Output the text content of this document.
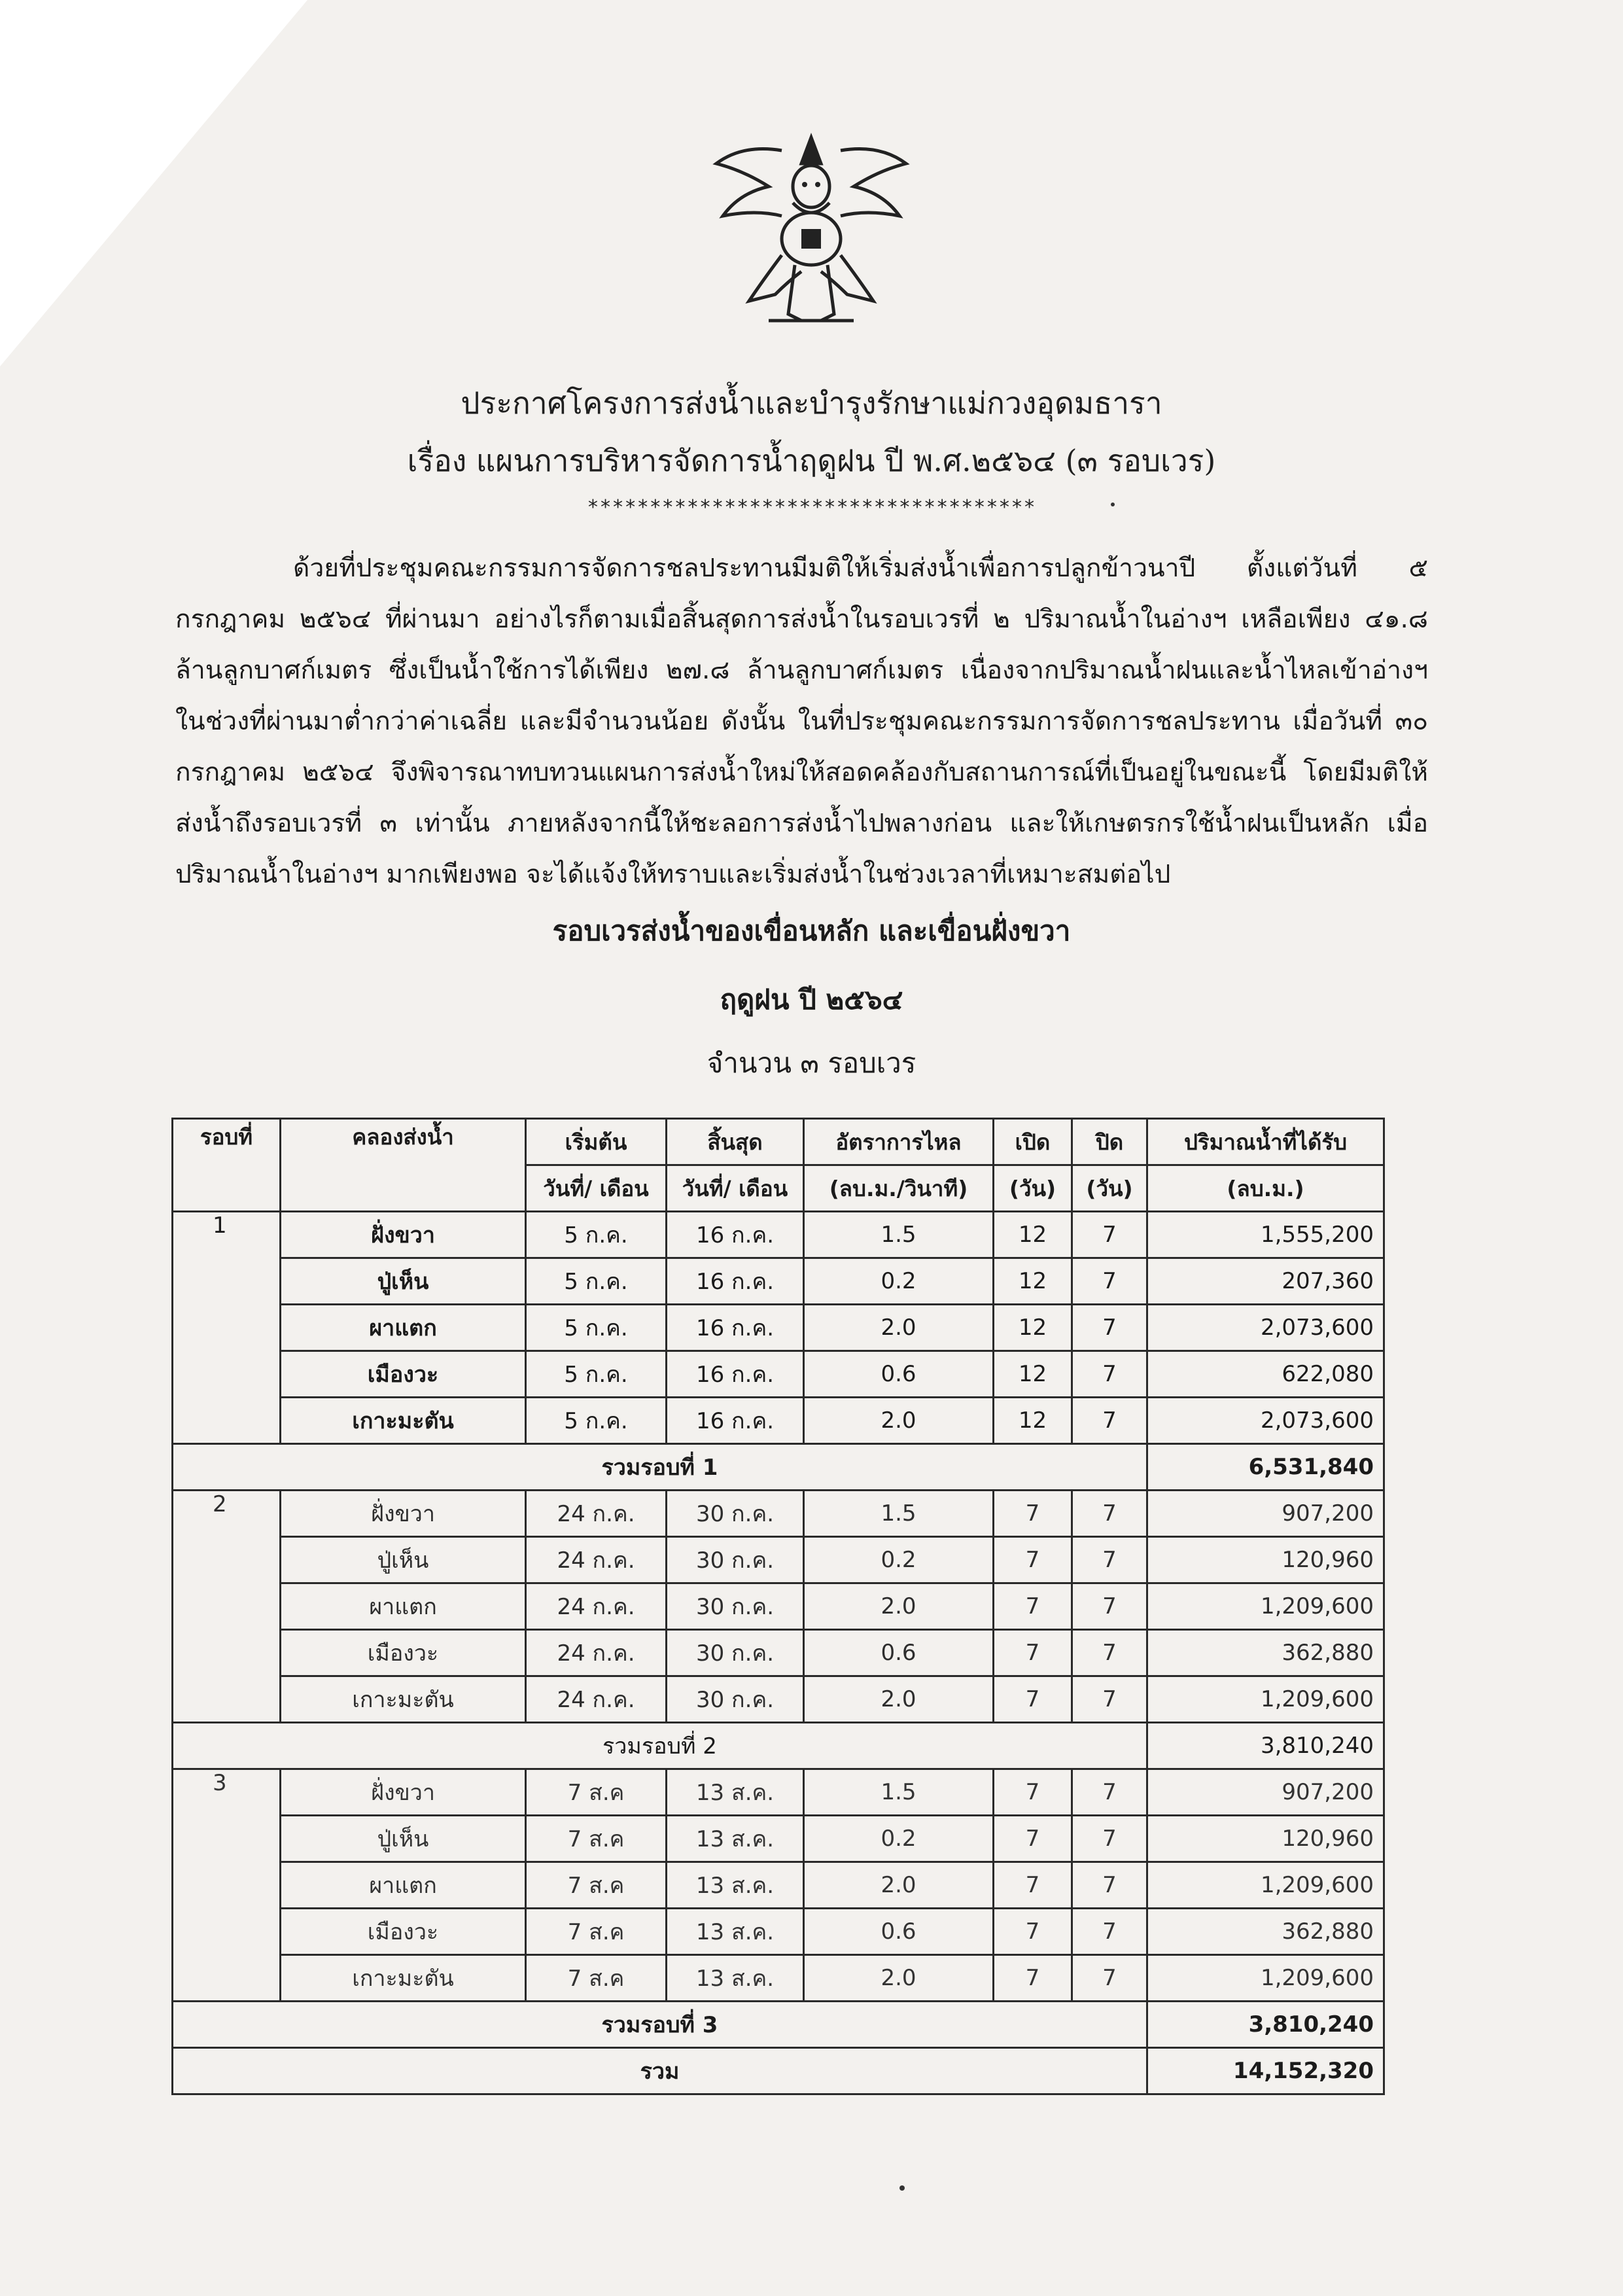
ประกาศโครงการส่งน้ำและบำรุงรักษาแม่กวงอุดมธารา
เรื่อง แผนการบริหารจัดการน้ำฤดูฝน ปี พ.ศ.๒๕๖๔ (๓ รอบเวร)
************************************
ด้วยที่ประชุมคณะกรรมการจัดการชลประทานมีมติให้เริ่มส่งน้ำเพื่อการปลูกข้าวนาปี ตั้งแต่วันที่ ๕ กรกฎาคม ๒๕๖๔ ที่ผ่านมา อย่างไรก็ตามเมื่อสิ้นสุดการส่งน้ำในรอบเวรที่ ๒ ปริมาณน้ำในอ่างฯ เหลือเพียง ๔๑.๘ ล้านลูกบาศก์เมตร ซึ่งเป็นน้ำใช้การได้เพียง ๒๗.๘ ล้านลูกบาศก์เมตร เนื่องจากปริมาณน้ำฝนและน้ำไหลเข้าอ่างฯ ในช่วงที่ผ่านมาต่ำกว่าค่าเฉลี่ย และมีจำนวนน้อย ดังนั้น ในที่ประชุมคณะกรรมการจัดการชลประทาน เมื่อวันที่ ๓๐ กรกฎาคม ๒๕๖๔ จึงพิจารณาทบทวนแผนการส่งน้ำใหม่ให้สอดคล้องกับสถานการณ์ที่เป็นอยู่ในขณะนี้ โดยมีมติให้ส่งน้ำถึงรอบเวรที่ ๓ เท่านั้น ภายหลังจากนี้ให้ชะลอการส่งน้ำไปพลางก่อน และให้เกษตรกรใช้น้ำฝนเป็นหลัก เมื่อปริมาณน้ำในอ่างฯ มากเพียงพอ จะได้แจ้งให้ทราบและเริ่มส่งน้ำในช่วงเวลาที่เหมาะสมต่อไป
รอบเวรส่งน้ำของเขื่อนหลัก และเขื่อนฝั่งขวา
ฤดูฝน ปี ๒๕๖๔
จำนวน ๓ รอบเวร
รอบที่	คลองส่งน้ำ	เริ่มต้น	สิ้นสุด	อัตราการไหล	เปิด	ปิด	ปริมาณน้ำที่ได้รับ
		วันที่/ เดือน	วันที่/ เดือน	(ลบ.ม./วินาที)	(วัน)	(วัน)	(ลบ.ม.)
1	ฝั่งขวา	5 ก.ค.	16 ก.ค.	1.5	12	7	1,555,200
	ปู่เห็น	5 ก.ค.	16 ก.ค.	0.2	12	7	207,360
	ผาแตก	5 ก.ค.	16 ก.ค.	2.0	12	7	2,073,600
	เมืองวะ	5 ก.ค.	16 ก.ค.	0.6	12	7	622,080
	เกาะมะตัน	5 ก.ค.	16 ก.ค.	2.0	12	7	2,073,600
รวมรอบที่ 1							6,531,840
2	ฝั่งขวา	24 ก.ค.	30 ก.ค.	1.5	7	7	907,200
	ปู่เห็น	24 ก.ค.	30 ก.ค.	0.2	7	7	120,960
	ผาแตก	24 ก.ค.	30 ก.ค.	2.0	7	7	1,209,600
	เมืองวะ	24 ก.ค.	30 ก.ค.	0.6	7	7	362,880
	เกาะมะตัน	24 ก.ค.	30 ก.ค.	2.0	7	7	1,209,600
รวมรอบที่ 2							3,810,240
3	ฝั่งขวา	7 ส.ค	13 ส.ค.	1.5	7	7	907,200
	ปู่เห็น	7 ส.ค	13 ส.ค.	0.2	7	7	120,960
	ผาแตก	7 ส.ค	13 ส.ค.	2.0	7	7	1,209,600
	เมืองวะ	7 ส.ค	13 ส.ค.	0.6	7	7	362,880
	เกาะมะตัน	7 ส.ค	13 ส.ค.	2.0	7	7	1,209,600
รวมรอบที่ 3							3,810,240
รวม							14,152,320
